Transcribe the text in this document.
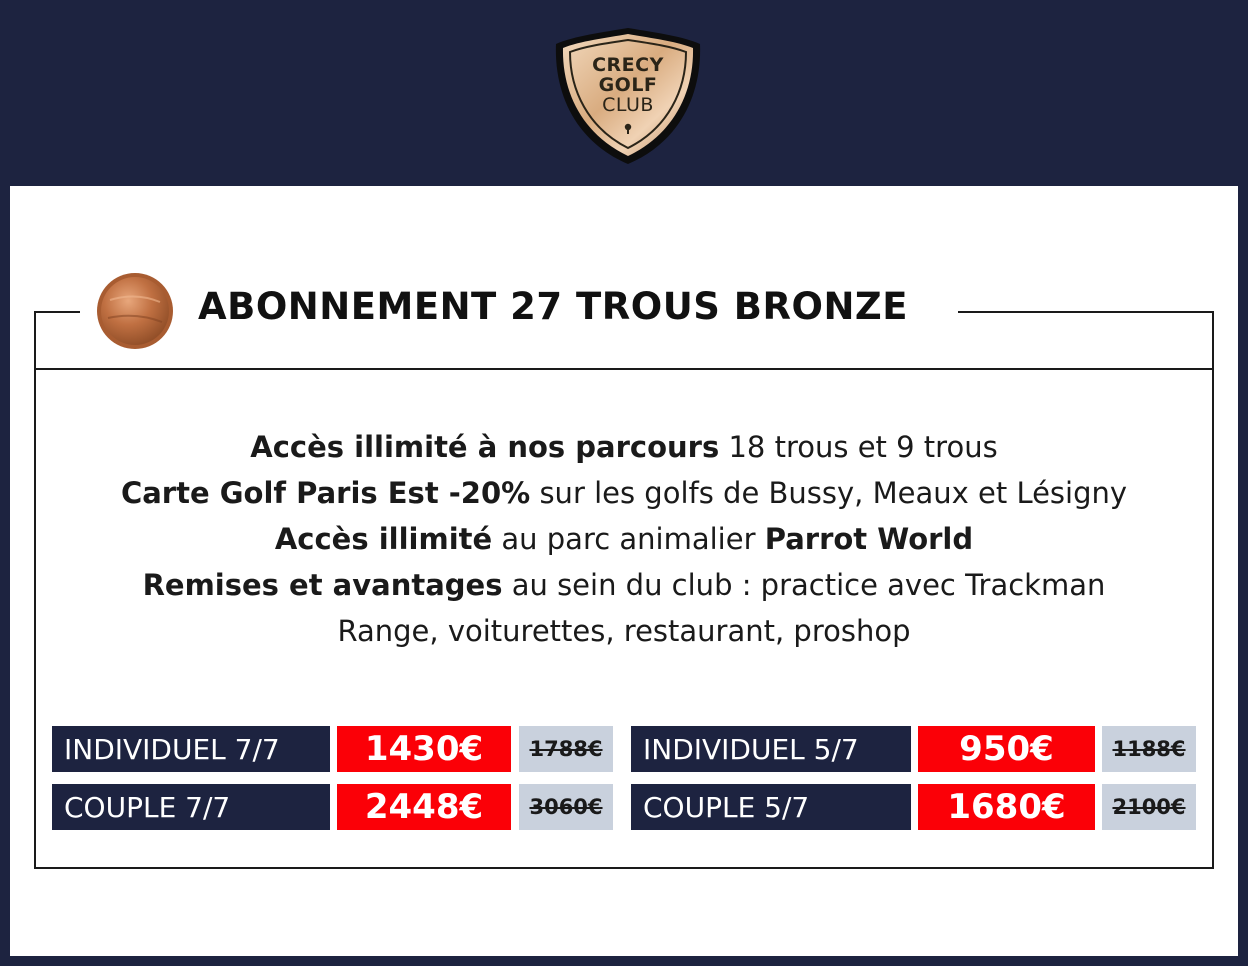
CRECY
GOLF
CLUB
ABONNEMENT 27 TROUS BRONZE
Accès illimité à nos parcours 18 trous et 9 trous
Carte Golf Paris Est -20% sur les golfs de Bussy, Meaux et Lésigny
Accès illimité au parc animalier Parrot World
Remises et avantages au sein du club : practice avec Trackman
Range, voiturettes, restaurant, proshop
INDIVIDUEL 7/7	1430€	1788€	INDIVIDUEL 5/7	950€	1188€
COUPLE 7/7	2448€	3060€	COUPLE 5/7	1680€	2100€
